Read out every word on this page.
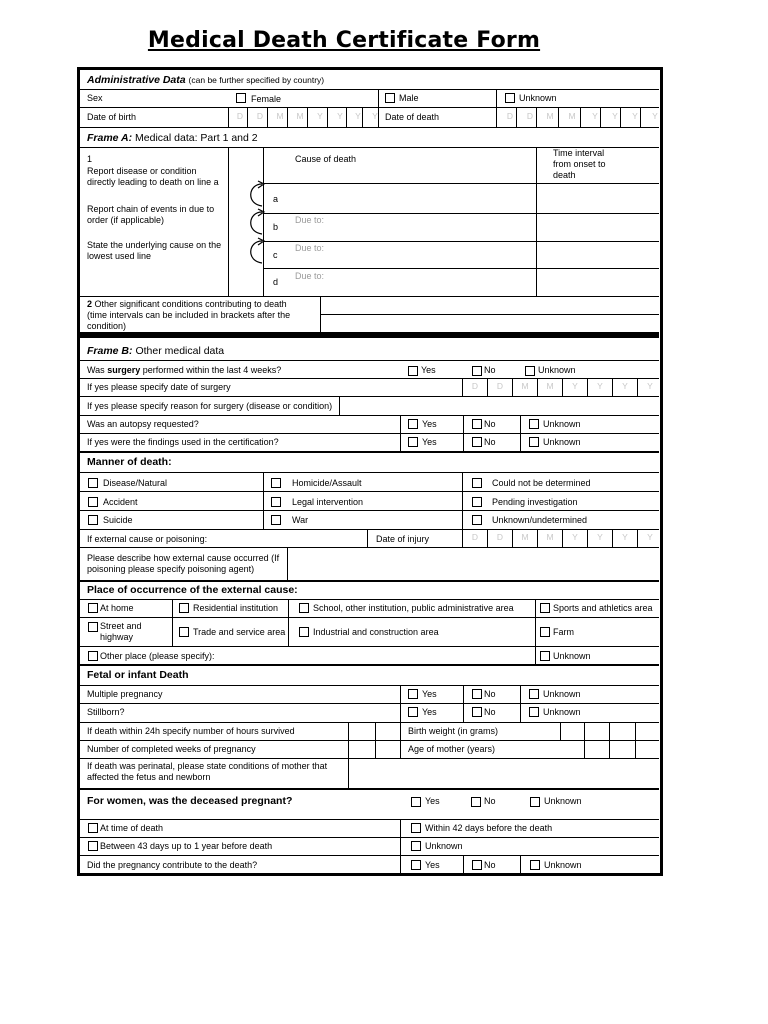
Medical Death Certificate Form
Administrative Data (can be further specified by country)
Sex	Female	Male	Unknown
Date of birth	D D M M Y Y Y Y Date of death	D D M M Y Y Y Y
Frame A: Medical data: Part 1 and 2
1
Report disease or condition directly leading to death on line a
Report chain of events in due to order (if applicable)
State the underlying cause on the lowest used line
Cause of death
Time interval from onset to death
a
b
Due to:
c
Due to:
d
Due to:
2 Other significant conditions contributing to death (time intervals can be included in brackets after the condition)
Frame B: Other medical data
Was surgery performed within the last 4 weeks?	Yes	No	Unknown
If yes please specify date of surgery	D D M M Y Y Y Y
If yes please specify reason for surgery (disease or condition)
Was an autopsy requested?	Yes	No	Unknown
If yes were the findings used in the certification?	Yes	No	Unknown
Manner of death:
Disease/Natural	Homicide/Assault	Could not be determined
Accident	Legal intervention	Pending investigation
Suicide	War	Unknown/undetermined
If external cause or poisoning:	Date of injury	D D M M Y Y Y Y
Please describe how external cause occurred (If poisoning please specify poisoning agent)
Place of occurrence of the external cause:
At home	Residential institution	School, other institution, public administrative area	Sports and athletics area
Street and highway	Trade and service area	Industrial and construction area	Farm
Other place (please specify):	Unknown
Fetal or infant Death
Multiple pregnancy	Yes	No	Unknown
Stillborn?	Yes	No	Unknown
If death within 24h specify number of hours survived	Birth weight (in grams)
Number of completed weeks of pregnancy	Age of mother (years)
If death was perinatal, please state conditions of mother that affected the fetus and newborn
For women, was the deceased pregnant?	Yes	No	Unknown
At time of death	Within 42 days before the death
Between 43 days up to 1 year before death	Unknown
Did the pregnancy contribute to the death?	Yes	No	Unknown
